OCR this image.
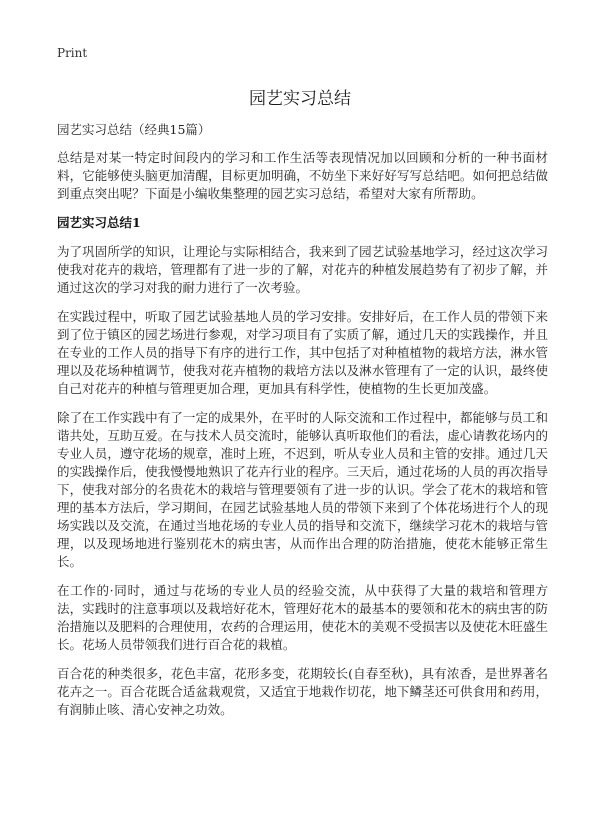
Print
园艺实习总结

园艺实习总结（经典15篇）

总结是对某一特定时间段内的学习和工作生活等表现情况加以回顾和分析的一种书面材料，它能够使头脑更加清醒，目标更加明确，不妨坐下来好好写写总结吧。如何把总结做到重点突出呢？下面是小编收集整理的园艺实习总结，希望对大家有所帮助。

园艺实习总结1

为了巩固所学的知识，让理论与实际相结合，我来到了园艺试验基地学习，经过这次学习使我对花卉的栽培，管理都有了进一步的了解，对花卉的种植发展趋势有了初步了解，并通过这次的学习对我的耐力进行了一次考验。

在实践过程中，听取了园艺试验基地人员的学习安排。安排好后，在工作人员的带领下来到了位于镇区的园艺场进行参观，对学习项目有了实质了解，通过几天的实践操作，并且在专业的工作人员的指导下有序的进行工作，其中包括了对种植植物的栽培方法，淋水管理以及花场种植调节，使我对花卉植物的栽培方法以及淋水管理有了一定的认识，最终使自己对花卉的种植与管理更加合理，更加具有科学性，使植物的生长更加茂盛。

除了在工作实践中有了一定的成果外，在平时的人际交流和工作过程中，都能够与员工和谐共处，互助互爱。在与技术人员交流时，能够认真听取他们的看法，虚心请教花场内的专业人员，遵守花场的规章，准时上班，不迟到，听从专业人员和主管的安排。通过几天的实践操作后，使我慢慢地熟识了花卉行业的程序。三天后，通过花场的人员的再次指导下，使我对部分的名贵花木的栽培与管理要领有了进一步的认识。学会了花木的栽培和管理的基本方法后，学习期间，在园艺试验基地人员的带领下来到了个体花场进行个人的现场实践以及交流，在通过当地花场的专业人员的指导和交流下，继续学习花木的栽培与管理，以及现场地进行鉴别花木的病虫害，从而作出合理的防治措施，使花木能够正常生长。

在工作的·同时，通过与花场的专业人员的经验交流，从中获得了大量的栽培和管理方法，实践时的注意事项以及栽培好花木，管理好花木的最基本的要领和花木的病虫害的防治措施以及肥料的合理使用，农药的合理运用，使花木的美观不受损害以及使花木旺盛生长。花场人员带领我们进行百合花的栽植。

百合花的种类很多，花色丰富，花形多变，花期较长(自春至秋)，具有浓香，是世界著名花卉之一。百合花既合适盆栽观赏，又适宜于地栽作切花，地下鳞茎还可供食用和药用，有润肺止咳、清心安神之功效。
